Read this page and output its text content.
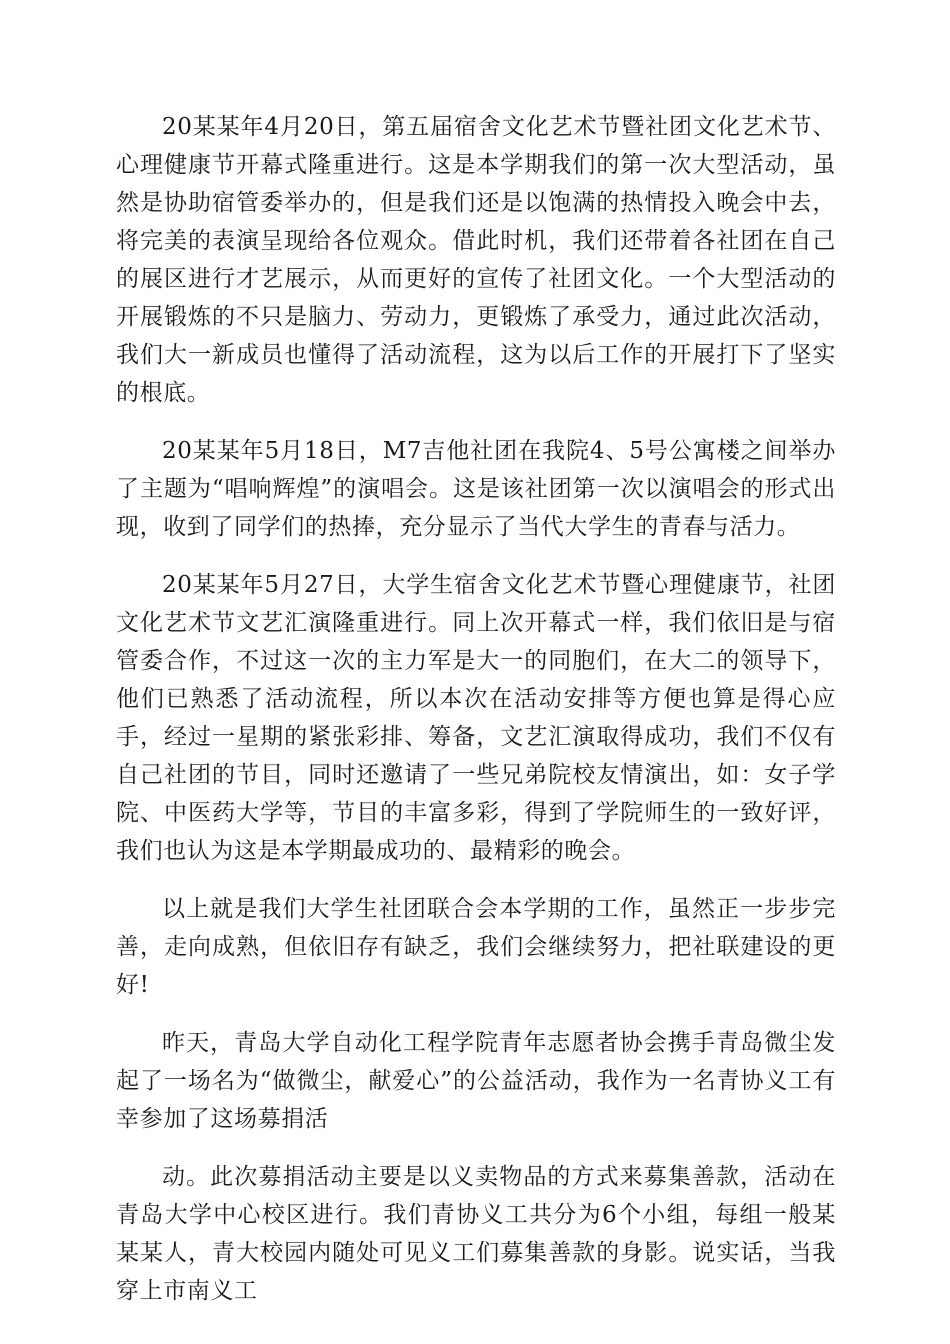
20某某年4月20日，第五届宿舍文化艺术节暨社团文化艺术节、心理健康节开幕式隆重进行。这是本学期我们的第一次大型活动，虽然是协助宿管委举办的，但是我们还是以饱满的热情投入晚会中去，将完美的表演呈现给各位观众。借此时机，我们还带着各社团在自己的展区进行才艺展示，从而更好的宣传了社团文化。一个大型活动的开展锻炼的不只是脑力、劳动力，更锻炼了承受力，通过此次活动，我们大一新成员也懂得了活动流程，这为以后工作的开展打下了坚实的根底。

20某某年5月18日，M7吉他社团在我院4、5号公寓楼之间举办了主题为“唱响辉煌”的演唱会。这是该社团第一次以演唱会的形式出现，收到了同学们的热捧，充分显示了当代大学生的青春与活力。

20某某年5月27日，大学生宿舍文化艺术节暨心理健康节，社团文化艺术节文艺汇演隆重进行。同上次开幕式一样，我们依旧是与宿管委合作，不过这一次的主力军是大一的同胞们，在大二的领导下，他们已熟悉了活动流程，所以本次在活动安排等方便也算是得心应手，经过一星期的紧张彩排、筹备，文艺汇演取得成功，我们不仅有自己社团的节目，同时还邀请了一些兄弟院校友情演出，如：女子学院、中医药大学等，节目的丰富多彩，得到了学院师生的一致好评，我们也认为这是本学期最成功的、最精彩的晚会。

以上就是我们大学生社团联合会本学期的工作，虽然正一步步完善，走向成熟，但依旧存有缺乏，我们会继续努力，把社联建设的更好!

昨天，青岛大学自动化工程学院青年志愿者协会携手青岛微尘发起了一场名为“做微尘，献爱心”的公益活动，我作为一名青协义工有幸参加了这场募捐活

动。此次募捐活动主要是以义卖物品的方式来募集善款，活动在青岛大学中心校区进行。我们青协义工共分为6个小组，每组一般某某某人，青大校园内随处可见义工们募集善款的身影。说实话，当我穿上市南义工
